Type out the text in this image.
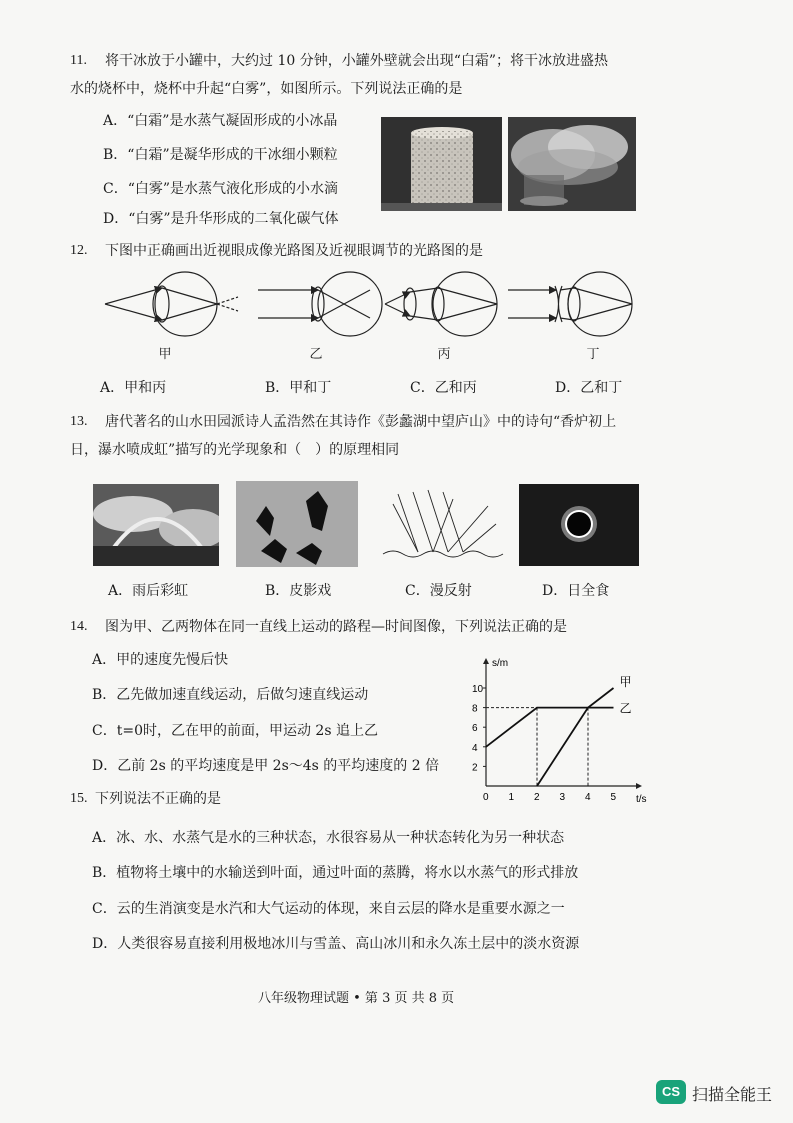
11. 将干冰放于小罐中，大约过 10 分钟，小罐外壁就会出现“白霜”；将干冰放进盛热
水的烧杯中，烧杯中升起“白雾”，如图所示。下列说法正确的是
A．“白霜”是水蒸气凝固形成的小冰晶
B．“白霜”是凝华形成的干冰细小颗粒
C．“白雾”是水蒸气液化形成的小水滴
D．“白雾”是升华形成的二氧化碳气体
12. 下图中正确画出近视眼成像光路图及近视眼调节的光路图的是
甲	乙	丙	丁
A．甲和丙	B．甲和丁	C．乙和丙	D．乙和丁
13. 唐代著名的山水田园派诗人孟浩然在其诗作《彭蠡湖中望庐山》中的诗句“香炉初上
日，瀑水喷成虹”描写的光学现象和（　）的原理相同
A．雨后彩虹	B．皮影戏	C．漫反射	D．日全食
14. 图为甲、乙两物体在同一直线上运动的路程—时间图像，下列说法正确的是
A．甲的速度先慢后快
B．乙先做加速直线运动，后做匀速直线运动
C．t=0时，乙在甲的前面，甲运动 2s 追上乙
D．乙前 2s 的平均速度是甲 2s～4s 的平均速度的 2 倍
s/m
t/s
0 1 2 3 4 5
2
4
6
8
10
甲
乙
15. 下列说法不正确的是
A．冰、水、水蒸气是水的三种状态，水很容易从一种状态转化为另一种状态
B．植物将土壤中的水输送到叶面，通过叶面的蒸腾，将水以水蒸气的形式排放
C．云的生消演变是水汽和大气运动的体现，来自云层的降水是重要水源之一
D．人类很容易直接利用极地冰川与雪盖、高山冰川和永久冻土层中的淡水资源
八年级物理试题 • 第 3 页 共 8 页
CS 扫描全能王
